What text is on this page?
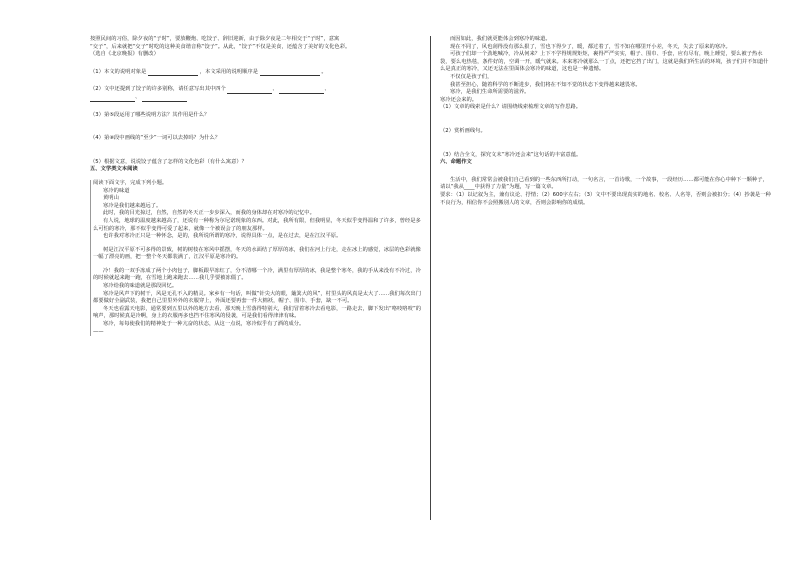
按照民间的习俗，除夕夜的“子时”，要放鞭炮、吃饺子、辞旧迎新，由于除夕夜是二年相交于“子时”，意寓

“交子”，后来就把“交子”时吃的这种美食谐音称“饺子”。从此，“饺子”不仅是美食，还蕴含了美好的文化色彩。

（选自《北京晚报》有删改）

（1）本文的说明对象是	，本文采用的说明顺序是	。

（2）文中还提到了饺子的许多别称，请任意写出其中四个	、	、

、

（3）第⑤段运用了哪些说明方法？其作用是什么？

（4）第⑧段中画线的“至少”一词可以去掉吗？为什么？

（5）根据文意，说说饺子蕴含了怎样的文化色彩（有什么寓意）？

五、文学类文本阅读

阅读下面文字，完成下列小题。

寒冷的味道

黄明山

寒冷是我们越来越远了。

此时，我的目光掠过，自然，自然的冬天正一步步深入，而我的身体却在对寒冷的记忆中。

有人说，地球的温度越来越高了，还说有一种称为尔尼诺现象的东西。对此，我所有限，但我明显，冬天似乎变得温和了许多，曾经是多么可怕的寒冷，那不似乎变得可爱了起来，就像一个被误会了的朋友那样。

也许我对寒冷正只是一种怀念，是的，我所说所谓的寒冷，说得具体一点，是在过去，是在江汉平原。

树是江汉平原不可多得的景致，树的树枝在寒风中摇摆，冬天的水面结了厚厚的冰，我们在河上行走，走在冰上的感觉，冰层的色彩就像一幅了漂亮的画，把一整个冬天都装满了，江汉平原是寒冷的。

冷！我的一双手冻成了两个小肉包子，脚板跟早冻红了，分不清哪一个冷，满里有厚厚的冰，我是整个寒冬，我的手从来没有不冷过，冷的时候就起来跑一跑，在雪地上跑来跑去……我几乎要被冻僵了。

寒冷给我的味道就是那段回忆。

寒冷是风声下的树干，风是无孔不入的精灵。家乡有一句话，叫做“针尖大的眼，簸箕大的风”，村里头的风真是太大了……我们每次出门都要做好全副武装，我把自己里里外外的衣服穿上，外面还要再套一件大棉袄，帽子、围巾、手套，缺一不可。

冬天也看露天电影，通常要到五里以外的地方去看，那天晚上雪落得特别大，我们冒着寒冷去看电影，一路走去，脚下发出“咯吱咯吱”的响声，那时候真是冷啊，身上的衣服再多也挡不住寒风的侵袭，可是我们看得津津有味。

寒冷，每每使我们的精神处于一种亢奋的状态，从这一点说，寒冷似乎有了酒的成分。

——

而因如此，我们就更能体会到寒冷的味道。

现在不同了，风也刮得没有那么狠了，雪也下得少了，暖，都过着了，雪不知在哪里开小差，冬天，失去了原来的寒冷。

可孩子们却一个劲地喊冷，冷从何来？上下不学得规规矩矩，裹得严严实实，帽子、围巾、手套，应有尽有，晚上睡觉，要么被子热水袋，要么电热毯，条件好的，空调一开，暖气就来。本来寒冷就那么一丁点，还把它挡了出门，这就是我们所生活的环境，孩子们并不知道什么是真正的寒冷，又还无法在里面体会寒冷的味道，这也是一种遗憾。

不仅仅是孩子们，

我甚至担心，随着科学的不断进步，我们将在不知不觉的状态下变得越来越畏寒。

寒冷，是我们生命所需要的滋养。

寒冷还会来的。

（1）文章的线索是什么？请围绕线索梳理文章的写作思路。

（2）赏析画线句。

（3）结合全文，探究文末“寒冷还会来”这句话的丰富意蕴。

六、命题作文

生活中，我们常常会被我们自己看到的一些东西所打动，一句名言，一首诗歌，一个故事，一段经历……都可能在你心中种下一颗种子，请以“我从____中获得了力量”为题，写一篇文章。

要求：（1）以记叙为主，兼有议论、抒情；（2）600字左右；（3）文中不要出现真实的地名、校名、人名等，否则会被扣分；（4）抄袭是一种不良行为，相信你不会照搬别人的文章，否则会影响你的成绩。
